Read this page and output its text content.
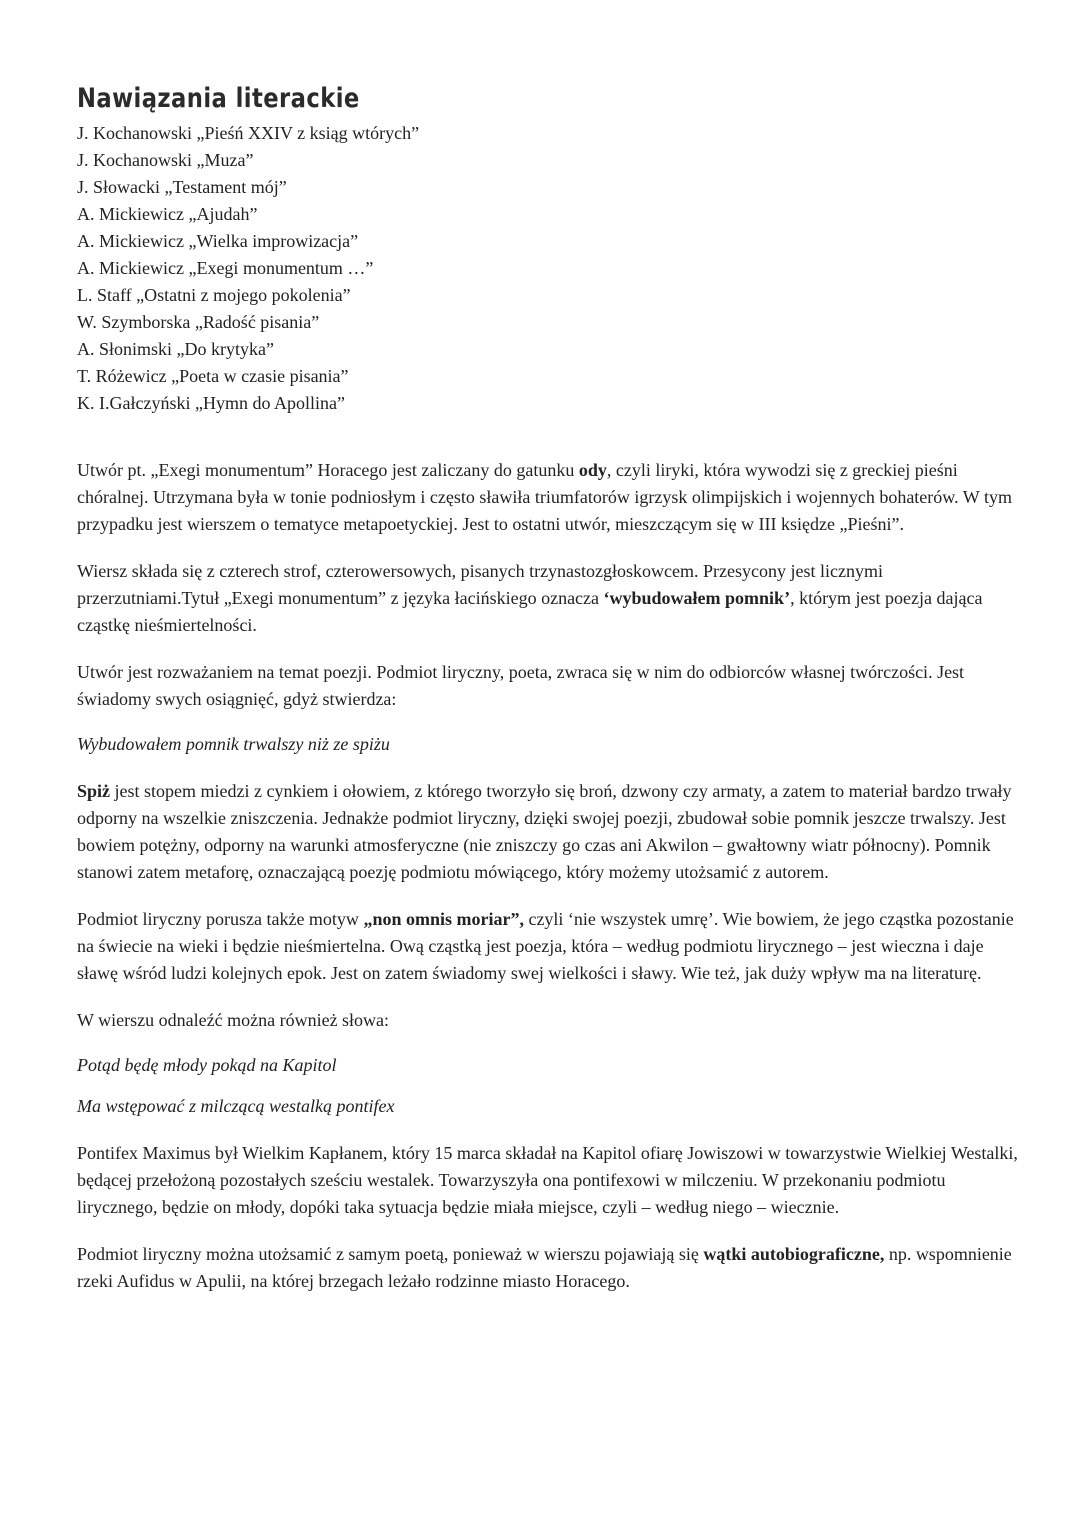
Nawiązania literackie
J. Kochanowski „Pieśń XXIV z ksiąg wtórych”
J. Kochanowski „Muza”
J. Słowacki „Testament mój”
A. Mickiewicz „Ajudah”
A. Mickiewicz „Wielka improwizacja”
A. Mickiewicz „Exegi monumentum …”
L. Staff „Ostatni z mojego pokolenia”
W. Szymborska „Radość pisania”
A. Słonimski „Do krytyka”
T. Różewicz „Poeta w czasie pisania”
K. I.Gałczyński „Hymn do Apollina”

Utwór pt. „Exegi monumentum” Horacego jest zaliczany do gatunku ody, czyli liryki, która wywodzi się z greckiej pieśni chóralnej. Utrzymana była w tonie podniosłym i często sławiła triumfatorów igrzysk olimpijskich i wojennych bohaterów. W tym przypadku jest wierszem o tematyce metapoetyckiej. Jest to ostatni utwór, mieszczącym się w III księdze „Pieśni”.

Wiersz składa się z czterech strof, czterowersowych, pisanych trzynastozgłoskowcem. Przesycony jest licznymi przerzutniami.Tytuł „Exegi monumentum” z języka łacińskiego oznacza ‘wybudowałem pomnik’, którym jest poezja dająca cząstkę nieśmiertelności.

Utwór jest rozważaniem na temat poezji. Podmiot liryczny, poeta, zwraca się w nim do odbiorców własnej twórczości. Jest świadomy swych osiągnięć, gdyż stwierdza:

Wybudowałem pomnik trwalszy niż ze spiżu

Spiż jest stopem miedzi z cynkiem i ołowiem, z którego tworzyło się broń, dzwony czy armaty, a zatem to materiał bardzo trwały odporny na wszelkie zniszczenia. Jednakże podmiot liryczny, dzięki swojej poezji, zbudował sobie pomnik jeszcze trwalszy. Jest bowiem potężny, odporny na warunki atmosferyczne (nie zniszczy go czas ani Akwilon – gwałtowny wiatr północny). Pomnik stanowi zatem metaforę, oznaczającą poezję podmiotu mówiącego, który możemy utożsamić z autorem.

Podmiot liryczny porusza także motyw „non omnis moriar”, czyli ‘nie wszystek umrę’. Wie bowiem, że jego cząstka pozostanie na świecie na wieki i będzie nieśmiertelna. Ową cząstką jest poezja, która – według podmiotu lirycznego – jest wieczna i daje sławę wśród ludzi kolejnych epok. Jest on zatem świadomy swej wielkości i sławy. Wie też, jak duży wpływ ma na literaturę.

W wierszu odnaleźć można również słowa:

Potąd będę młody pokąd na Kapitol

Ma wstępować z milczącą westalką pontifex

Pontifex Maximus był Wielkim Kapłanem, który 15 marca składał na Kapitol ofiarę Jowiszowi w towarzystwie Wielkiej Westalki, będącej przełożoną pozostałych sześciu westalek. Towarzyszyła ona pontifexowi w milczeniu. W przekonaniu podmiotu lirycznego, będzie on młody, dopóki taka sytuacja będzie miała miejsce, czyli – według niego – wiecznie.

Podmiot liryczny można utożsamić z samym poetą, ponieważ w wierszu pojawiają się wątki autobiograficzne, np. wspomnienie rzeki Aufidus w Apulii, na której brzegach leżało rodzinne miasto Horacego.
